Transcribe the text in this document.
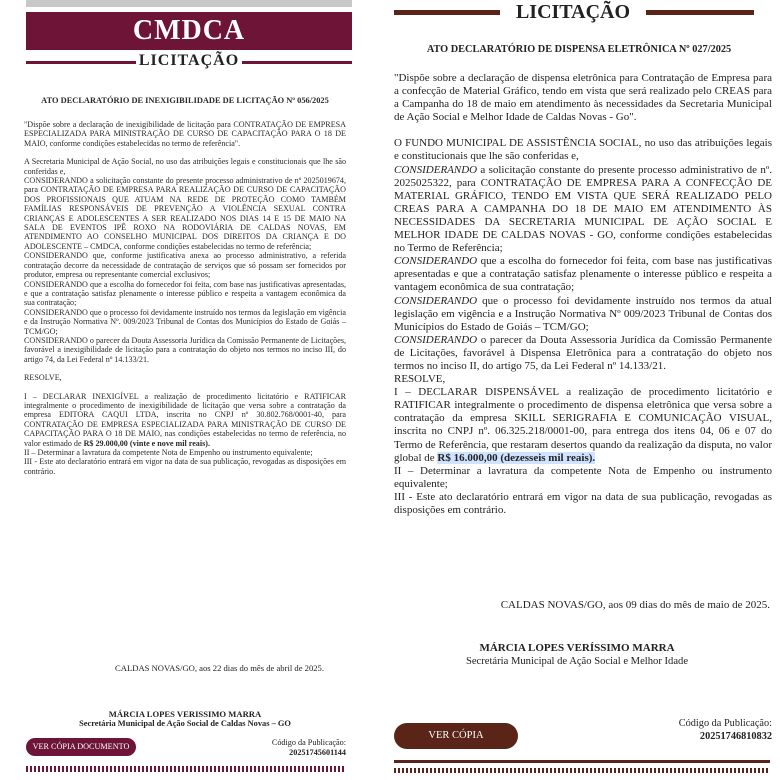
CMDCA
LICITAÇÃO
ATO DECLARATÓRIO DE INEXIGIBILIDADE DE LICITAÇÃO Nº 056/2025

"Dispõe sobre a declaração de inexigibilidade de licitação para CONTRATAÇÃO DE EMPRESA ESPECIALIZADA PARA MINISTRAÇÃO DE CURSO DE CAPACITAÇÃO PARA O 18 DE MAIO, conforme condições estabelecidas no termo de referência".

A Secretaria Municipal de Ação Social, no uso das atribuições legais e constitucionais que lhe são conferidas e,

CONSIDERANDO a solicitação constante do presente processo administrativo de nº 2025019674, para CONTRATAÇÃO DE EMPRESA PARA REALIZAÇÃO DE CURSO DE CAPACITAÇÃO DOS PROFISSIONAIS QUE ATUAM NA REDE DE PROTEÇÃO COMO TAMBÉM FAMÍLIAS RESPONSÁVEIS DE PREVENÇÃO A VIOLÊNCIA SEXUAL CONTRA CRIANÇAS E ADOLESCENTES A SER REALIZADO NOS DIAS 14 E 15 DE MAIO NA SALA DE EVENTOS IPÊ ROXO NA RODOVIÁRIA DE CALDAS NOVAS, EM ATENDIMENTO AO CONSELHO MUNICIPAL DOS DIREITOS DA CRIANÇA E DO ADOLESCENTE – CMDCA, conforme condições estabelecidas no termo de referência;

CONSIDERANDO que, conforme justificativa anexa ao processo administrativo, a referida contratação decorre da necessidade de contratação de serviços que só possam ser fornecidos por produtor, empresa ou representante comercial exclusivos;

CONSIDERANDO que a escolha do fornecedor foi feita, com base nas justificativas apresentadas, e que a contratação satisfaz plenamente o interesse público e respeita a vantagem econômica da sua contratação;

CONSIDERANDO que o processo foi devidamente instruído nos termos da legislação em vigência e da Instrução Normativa Nº. 009/2023 Tribunal de Contas dos Municípios do Estado de Goiás – TCM/GO;

CONSIDERANDO o parecer da Douta Assessoria Jurídica da Comissão Permanente de Licitações, favorável a inexigibilidade de licitação para a contratação do objeto nos termos no inciso III, do artigo 74, da Lei Federal nº 14.133/21.

RESOLVE,

I – DECLARAR INEXIGÍVEL a realização de procedimento licitatório e RATIFICAR integralmente o procedimento de inexigibilidade de licitação que versa sobre a contratação da empresa EDITORA CAQUI LTDA, inscrita no CNPJ nº 30.802.768/0001-40, para CONTRATAÇÃO DE EMPRESA ESPECIALIZADA PARA MINISTRAÇÃO DE CURSO DE CAPACITAÇÃO PARA O 18 DE MAIO, nas condições estabelecidas no termo de referência, no valor estimado de R$ 29.000,00 (vinte e nove mil reais).

II – Determinar a lavratura da competente Nota de Empenho ou instrumento equivalente;

III - Este ato declaratório entrará em vigor na data de sua publicação, revogadas as disposições em contrário.

CALDAS NOVAS/GO, aos 22 dias do mês de abril de 2025.
MÁRCIA LOPES VERISSIMO MARRA
Secretária Municipal de Ação Social de Caldas Novas – GO
VER CÓPIA DOCUMENTO	Código da Publicação:
20251745601144
LICITAÇÃO
ATO DECLARATÓRIO DE DISPENSA ELETRÔNICA Nº 027/2025

"Dispõe sobre a declaração de dispensa eletrônica para Contratação de Empresa para a confecção de Material Gráfico, tendo em vista que será realizado pelo CREAS para a Campanha do 18 de maio em atendimento às necessidades da Secretaria Municipal de Ação Social e Melhor Idade de Caldas Novas - Go".

O FUNDO MUNICIPAL DE ASSISTÊNCIA SOCIAL, no uso das atribuições legais e constitucionais que lhe são conferidas e,

CONSIDERANDO a solicitação constante do presente processo administrativo de nº. 2025025322, para CONTRATAÇÃO DE EMPRESA PARA A CONFECÇÃO DE MATERIAL GRÁFICO, TENDO EM VISTA QUE SERÁ REALIZADO PELO CREAS PARA A CAMPANHA DO 18 DE MAIO EM ATENDIMENTO ÀS NECESSIDADES DA SECRETARIA MUNICIPAL DE AÇÃO SOCIAL E MELHOR IDADE DE CALDAS NOVAS - GO, conforme condições estabelecidas no Termo de Referência;

CONSIDERANDO que a escolha do fornecedor foi feita, com base nas justificativas apresentadas e que a contratação satisfaz plenamente o interesse público e respeita a vantagem econômica de sua contratação;

CONSIDERANDO que o processo foi devidamente instruído nos termos da atual legislação em vigência e a Instrução Normativa Nº 009/2023 Tribunal de Contas dos Municípios do Estado de Goiás – TCM/GO;

CONSIDERANDO o parecer da Douta Assessoria Jurídica da Comissão Permanente de Licitações, favorável à Dispensa Eletrônica para a contratação do objeto nos termos no inciso II, do artigo 75, da Lei Federal nº 14.133/21.

RESOLVE,

I – DECLARAR DISPENSÁVEL a realização de procedimento licitatório e RATIFICAR integralmente o procedimento de dispensa eletrônica que versa sobre a contratação da empresa SKILL SERIGRAFIA E COMUNICAÇÃO VISUAL, inscrita no CNPJ nº. 06.325.218/0001-00, para entrega dos itens 04, 06 e 07 do Termo de Referência, que restaram desertos quando da realização da disputa, no valor global de R$ 16.000,00 (dezesseis mil reais).

II – Determinar a lavratura da competente Nota de Empenho ou instrumento equivalente;

III - Este ato declaratório entrará em vigor na data de sua publicação, revogadas as disposições em contrário.

CALDAS NOVAS/GO, aos 09 dias do mês de maio de 2025.
MÁRCIA LOPES VERÍSSIMO MARRA
Secretária Municipal de Ação Social e Melhor Idade
VER CÓPIA
Código da Publicação:
20251746810832
